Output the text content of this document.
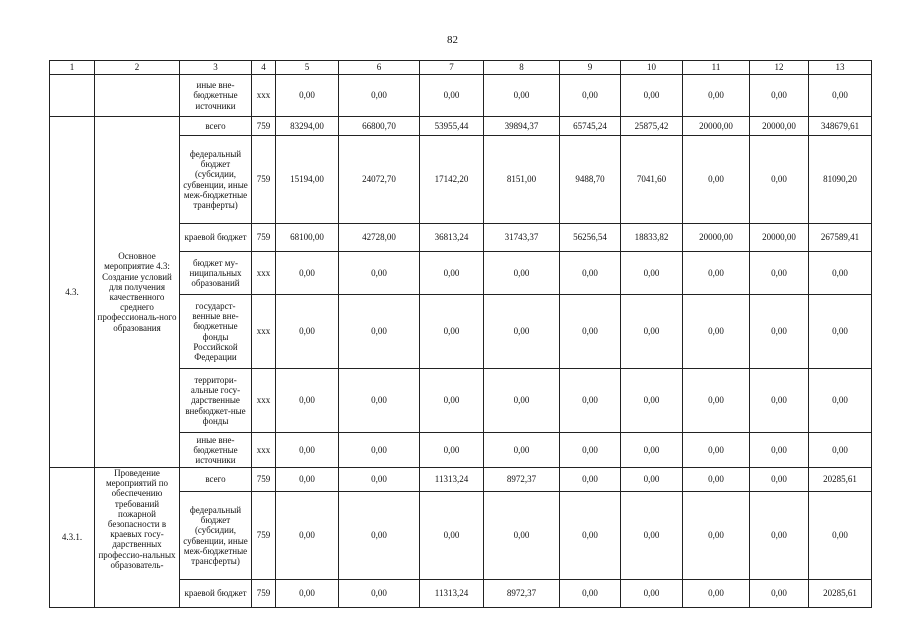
82
1	2	3	4	5	6	7	8	9	10	11	12	13
		иные вне-бюджетные источники	xxx	0,00	0,00	0,00	0,00	0,00	0,00	0,00	0,00	0,00
4.3.	Основное мероприятие 4.3: Создание условий для получения качественного среднего профессиональ-ного образования	всего	759	83294,00	66800,70	53955,44	39894,37	65745,24	25875,42	20000,00	20000,00	348679,61
		федеральный бюджет (субсидии, субвенции, иные меж-бюджетные транферты)	759	15194,00	24072,70	17142,20	8151,00	9488,70	7041,60	0,00	0,00	81090,20
		краевой бюджет	759	68100,00	42728,00	36813,24	31743,37	56256,54	18833,82	20000,00	20000,00	267589,41
		бюджет му-ниципальных образований	xxx	0,00	0,00	0,00	0,00	0,00	0,00	0,00	0,00	0,00
		государст-венные вне-бюджетные фонды Российской Федерации	xxx	0,00	0,00	0,00	0,00	0,00	0,00	0,00	0,00	0,00
		территори-альные госу-дарственные внебюджет-ные фонды	xxx	0,00	0,00	0,00	0,00	0,00	0,00	0,00	0,00	0,00
		иные вне-бюджетные источники	xxx	0,00	0,00	0,00	0,00	0,00	0,00	0,00	0,00	0,00
4.3.1.	Проведение мероприятий по обеспечению требований пожарной безопасности в краевых госу-дарственных профессио-нальных образователь-	всего	759	0,00	0,00	11313,24	8972,37	0,00	0,00	0,00	0,00	20285,61
		федеральный бюджет (субсидии, субвенции, иные меж-бюджетные трансферты)	759	0,00	0,00	0,00	0,00	0,00	0,00	0,00	0,00	0,00
		краевой бюджет	759	0,00	0,00	11313,24	8972,37	0,00	0,00	0,00	0,00	20285,61
